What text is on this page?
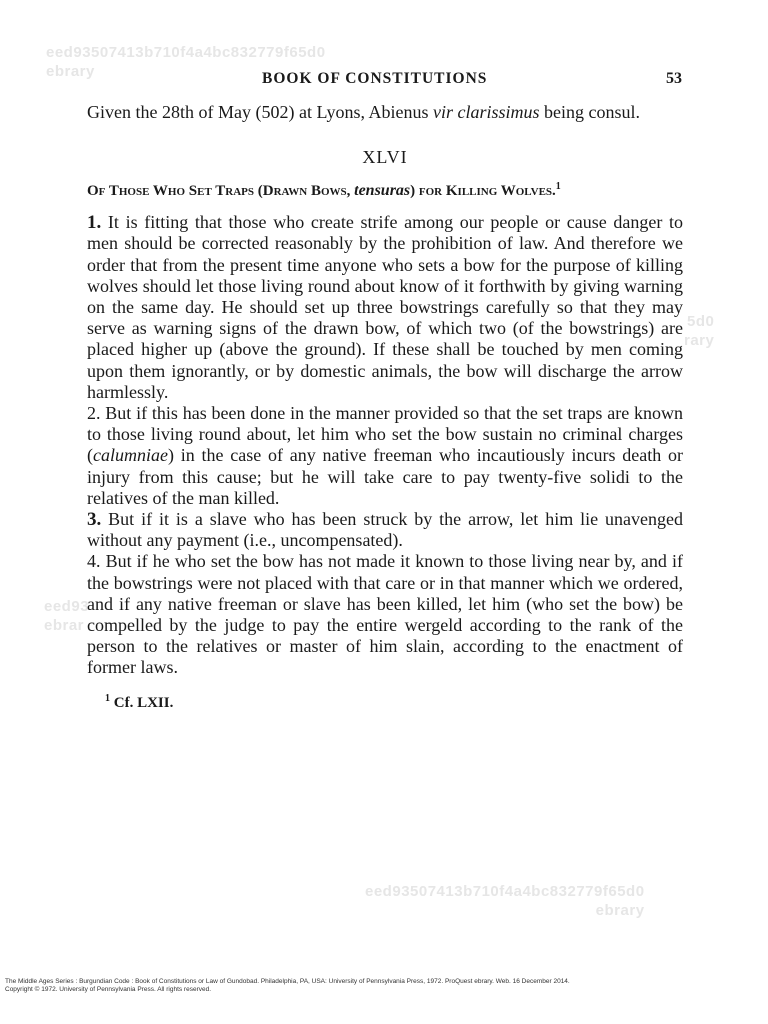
eed93507413b710f4a4bc832779f65d0
ebrary
5d0
rary
eed93
ebrar
eed93507413b710f4a4bc832779f65d0
ebrary
BOOK OF CONSTITUTIONS	53

Given the 28th of May (502) at Lyons, Abienus vir clarissimus being consul.

XLVI
Of Those Who Set Traps (Drawn Bows, tensuras) for Killing Wolves.$^1$

1. It is fitting that those who create strife among our people or cause danger to men should be corrected reasonably by the prohibition of law. And therefore we order that from the present time anyone who sets a bow for the purpose of killing wolves should let those living round about know of it forthwith by giving warning on the same day. He should set up three bowstrings carefully so that they may serve as warning signs of the drawn bow, of which two (of the bowstrings) are placed higher up (above the ground). If these shall be touched by men coming upon them ignorantly, or by domestic animals, the bow will discharge the arrow harmlessly.

2. But if this has been done in the manner provided so that the set traps are known to those living round about, let him who set the bow sustain no criminal charges (calumniae) in the case of any native freeman who incautiously incurs death or injury from this cause; but he will take care to pay twenty-five solidi to the relatives of the man killed.

3. But if it is a slave who has been struck by the arrow, let him lie unavenged without any payment (i.e., uncompensated).

4. But if he who set the bow has not made it known to those living near by, and if the bowstrings were not placed with that care or in that manner which we ordered, and if any native freeman or slave has been killed, let him (who set the bow) be compelled by the judge to pay the entire wergeld according to the rank of the person to the relatives or master of him slain, according to the enactment of former laws.

$^1$ Cf. LXII.
The Middle Ages Series : Burgundian Code : Book of Constitutions or Law of Gundobad. Philadelphia, PA, USA: University of Pennsylvania Press, 1972. ProQuest ebrary. Web. 16 December 2014.
Copyright © 1972. University of Pennsylvania Press. All rights reserved.
